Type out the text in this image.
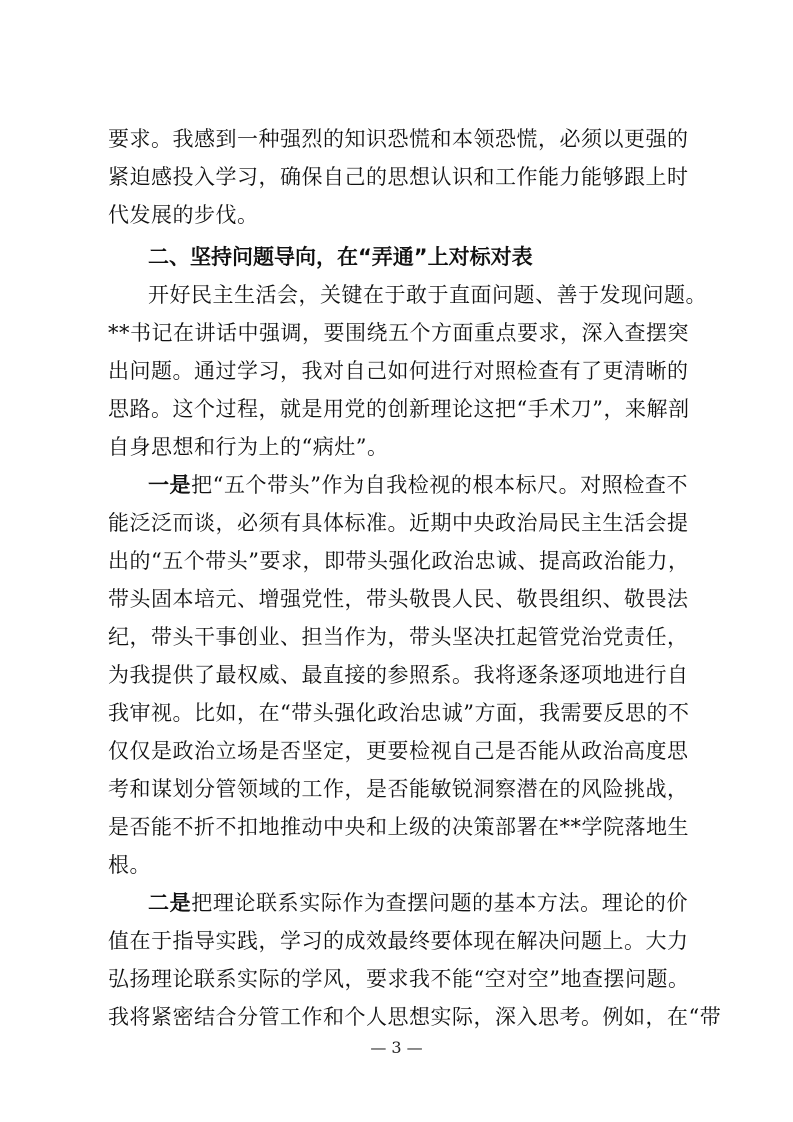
要求。我感到一种强烈的知识恐慌和本领恐慌，必须以更强的
紧迫感投入学习，确保自己的思想认识和工作能力能够跟上时
代发展的步伐。
二、坚持问题导向，在“弄通”上对标对表
开好民主生活会，关键在于敢于直面问题、善于发现问题。
**书记在讲话中强调，要围绕五个方面重点要求，深入查摆突
出问题。通过学习，我对自己如何进行对照检查有了更清晰的
思路。这个过程，就是用党的创新理论这把“手术刀”，来解剖
自身思想和行为上的“病灶”。
一是把“五个带头”作为自我检视的根本标尺。对照检查不
能泛泛而谈，必须有具体标准。近期中央政治局民主生活会提
出的“五个带头”要求，即带头强化政治忠诚、提高政治能力，
带头固本培元、增强党性，带头敬畏人民、敬畏组织、敬畏法
纪，带头干事创业、担当作为，带头坚决扛起管党治党责任，
为我提供了最权威、最直接的参照系。我将逐条逐项地进行自
我审视。比如，在“带头强化政治忠诚”方面，我需要反思的不
仅仅是政治立场是否坚定，更要检视自己是否能从政治高度思
考和谋划分管领域的工作，是否能敏锐洞察潜在的风险挑战，
是否能不折不扣地推动中央和上级的决策部署在**学院落地生
根。
二是把理论联系实际作为查摆问题的基本方法。理论的价
值在于指导实践，学习的成效最终要体现在解决问题上。大力
弘扬理论联系实际的学风，要求我不能“空对空”地查摆问题。
我将紧密结合分管工作和个人思想实际，深入思考。例如，在“带
— 3 —
